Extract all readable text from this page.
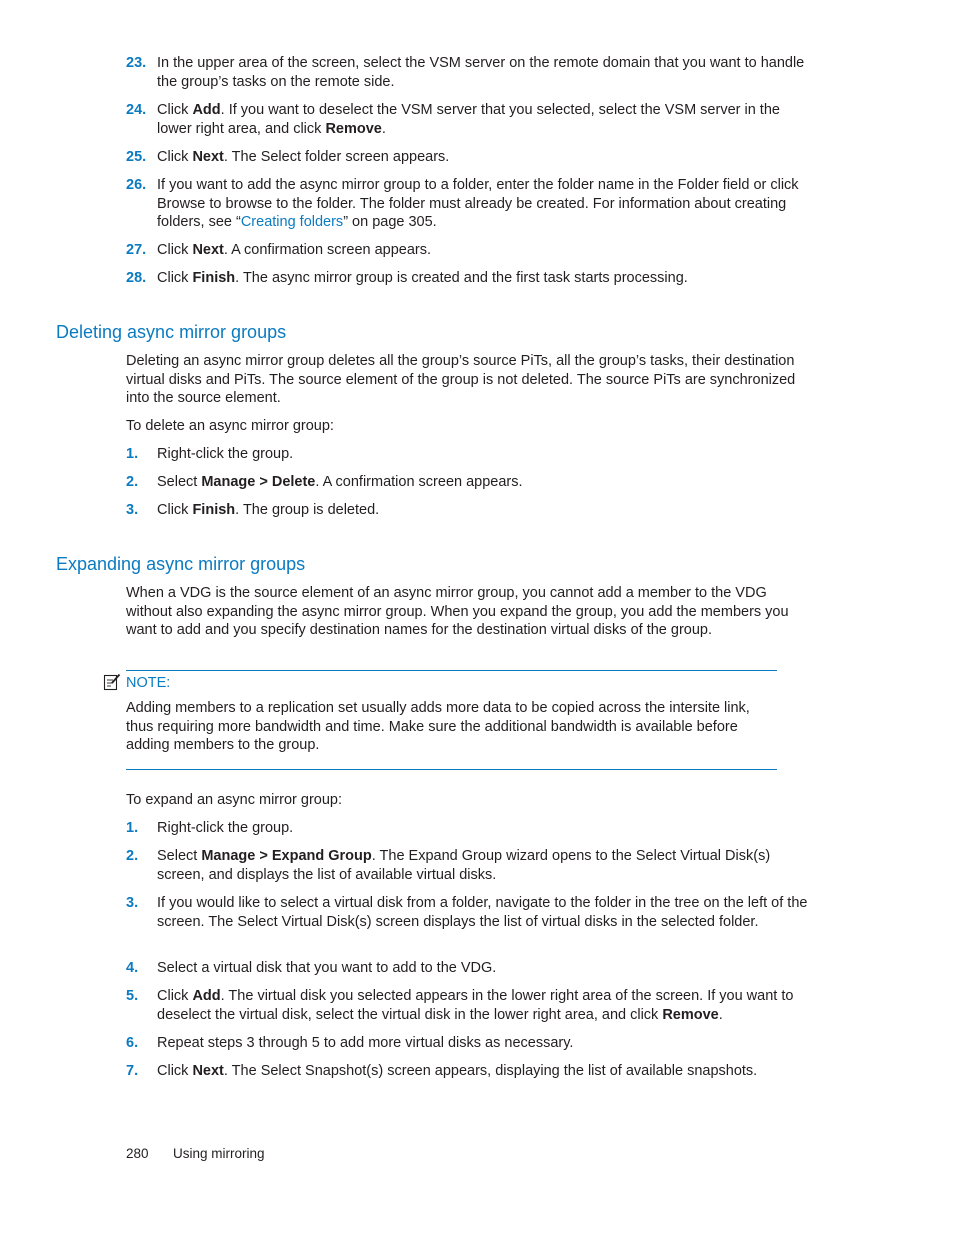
23. In the upper area of the screen, select the VSM server on the remote domain that you want to handle the group’s tasks on the remote side.
24. Click Add. If you want to deselect the VSM server that you selected, select the VSM server in the lower right area, and click Remove.
25. Click Next. The Select folder screen appears.
26. If you want to add the async mirror group to a folder, enter the folder name in the Folder field or click Browse to browse to the folder. The folder must already be created. For information about creating folders, see “Creating folders” on page 305.
27. Click Next. A confirmation screen appears.
28. Click Finish. The async mirror group is created and the first task starts processing.
Deleting async mirror groups
Deleting an async mirror group deletes all the group’s source PiTs, all the group’s tasks, their destination virtual disks and PiTs. The source element of the group is not deleted. The source PiTs are synchronized into the source element.
To delete an async mirror group:
1. Right-click the group.
2. Select Manage > Delete. A confirmation screen appears.
3. Click Finish. The group is deleted.
Expanding async mirror groups
When a VDG is the source element of an async mirror group, you cannot add a member to the VDG without also expanding the async mirror group. When you expand the group, you add the members you want to add and you specify destination names for the destination virtual disks of the group.
NOTE:
Adding members to a replication set usually adds more data to be copied across the intersite link, thus requiring more bandwidth and time. Make sure the additional bandwidth is available before adding members to the group.
To expand an async mirror group:
1. Right-click the group.
2. Select Manage > Expand Group. The Expand Group wizard opens to the Select Virtual Disk(s) screen, and displays the list of available virtual disks.
3. If you would like to select a virtual disk from a folder, navigate to the folder in the tree on the left of the screen. The Select Virtual Disk(s) screen displays the list of virtual disks in the selected folder.
4. Select a virtual disk that you want to add to the VDG.
5. Click Add. The virtual disk you selected appears in the lower right area of the screen. If you want to deselect the virtual disk, select the virtual disk in the lower right area, and click Remove.
6. Repeat steps 3 through 5 to add more virtual disks as necessary.
7. Click Next. The Select Snapshot(s) screen appears, displaying the list of available snapshots.
280 Using mirroring
